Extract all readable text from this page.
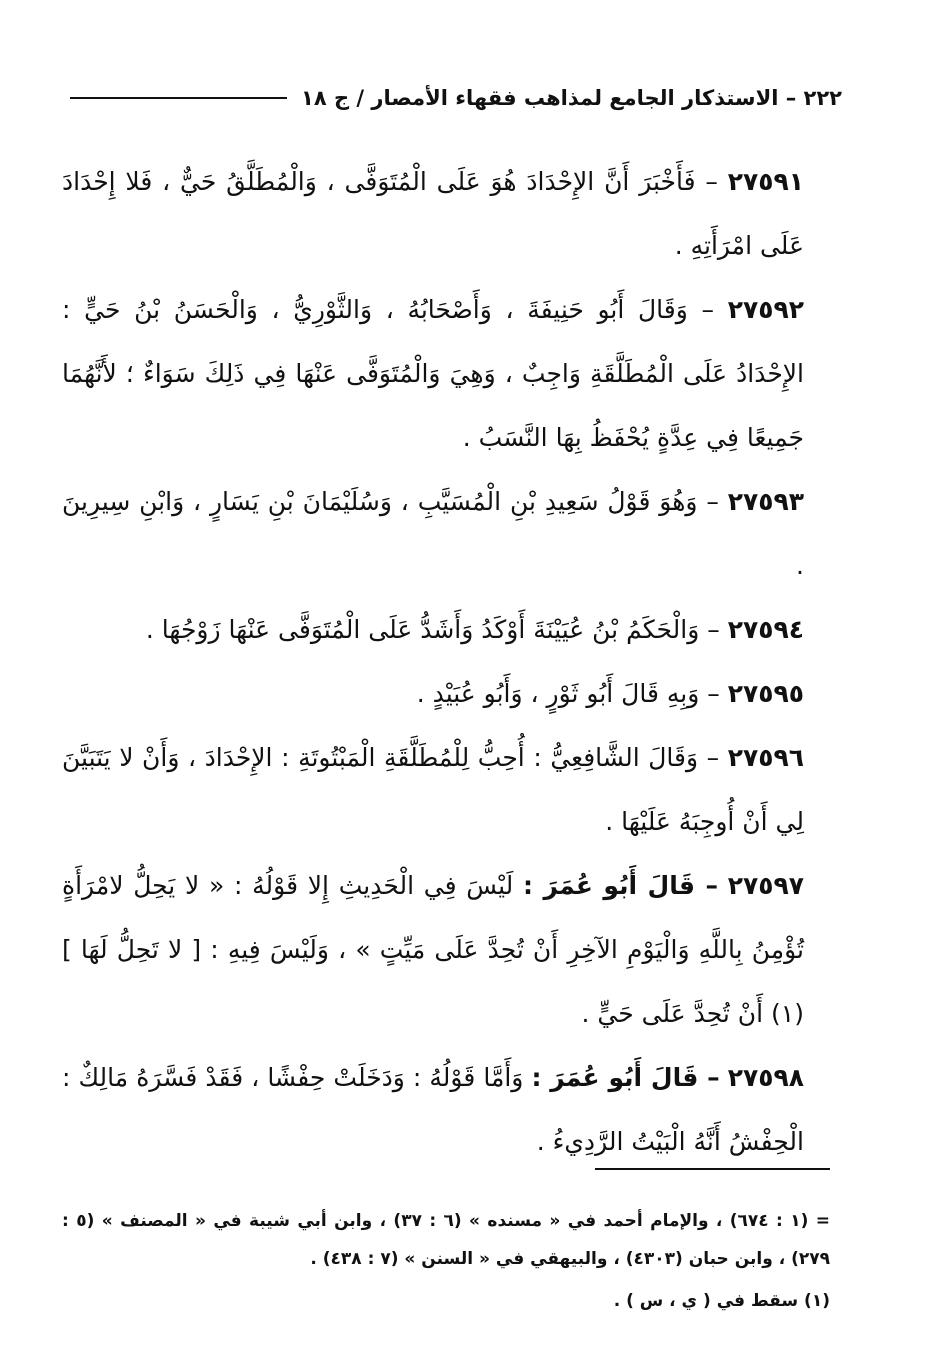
٢٢٢ – الاستذكار الجامع لمذاهب فقهاء الأمصار / ج ١٨

٢٧٥٩١ – فَأَخْبَرَ أَنَّ الإِحْدَادَ هُوَ عَلَى الْمُتَوَفَّى ، وَالْمُطَلَّقُ حَيٌّ ، فَلا إِحْدَادَ عَلَى امْرَأَتِهِ .

٢٧٥٩٢ – وَقَالَ أَبُو حَنِيفَةَ ، وَأَصْحَابُهُ ، وَالثَّوْرِيُّ ، وَالْحَسَنُ بْنُ حَيٍّ : الإِحْدَادُ عَلَى الْمُطَلَّقَةِ وَاجِبٌ ، وَهِيَ وَالْمُتَوَفَّى عَنْهَا فِي ذَلِكَ سَوَاءٌ ؛ لأَنَّهُمَا جَمِيعًا فِي عِدَّةٍ يُحْفَظُ بِهَا النَّسَبُ .

٢٧٥٩٣ – وَهُوَ قَوْلُ سَعِيدِ بْنِ الْمُسَيَّبِ ، وَسُلَيْمَانَ بْنِ يَسَارٍ ، وَابْنِ سِيرِينَ .

٢٧٥٩٤ – وَالْحَكَمُ بْنُ عُيَيْنَةَ أَوْكَدُ وَأَشَدُّ عَلَى الْمُتَوَفَّى عَنْهَا زَوْجُهَا .

٢٧٥٩٥ – وَبِهِ قَالَ أَبُو ثَوْرٍ ، وَأَبُو عُبَيْدٍ .

٢٧٥٩٦ – وَقَالَ الشَّافِعِيُّ : أُحِبُّ لِلْمُطَلَّقَةِ الْمَبْتُوتَةِ : الإِحْدَادَ ، وَأَنْ لا يَتَبَيَّنَ لِي أَنْ أُوجِبَهُ عَلَيْهَا .

٢٧٥٩٧ – قَالَ أَبُو عُمَرَ : لَيْسَ فِي الْحَدِيثِ إِلا قَوْلُهُ : « لا يَحِلُّ لامْرَأَةٍ تُؤْمِنُ بِاللَّهِ وَالْيَوْمِ الآخِرِ أَنْ تُحِدَّ عَلَى مَيِّتٍ » ، وَلَيْسَ فِيهِ : [ لا تَحِلُّ لَهَا ](١) أَنْ تُحِدَّ عَلَى حَيٍّ .

٢٧٥٩٨ – قَالَ أَبُو عُمَرَ : وَأَمَّا قَوْلُهُ : وَدَخَلَتْ حِفْشًا ، فَقَدْ فَسَّرَهُ مَالِكٌ : الْحِفْشُ أَنَّهُ الْبَيْتُ الرَّدِيءُ .

= (١ : ٦٧٤) ، والإمام أحمد في « مسنده » (٦ : ٣٧) ، وابن أبي شيبة في « المصنف » (٥ : ٢٧٩) ، وابن حبان (٤٣٠٣) ، والبيهقي في « السنن » (٧ : ٤٣٨) .

(١) سقط في ( ي ، س ) .
